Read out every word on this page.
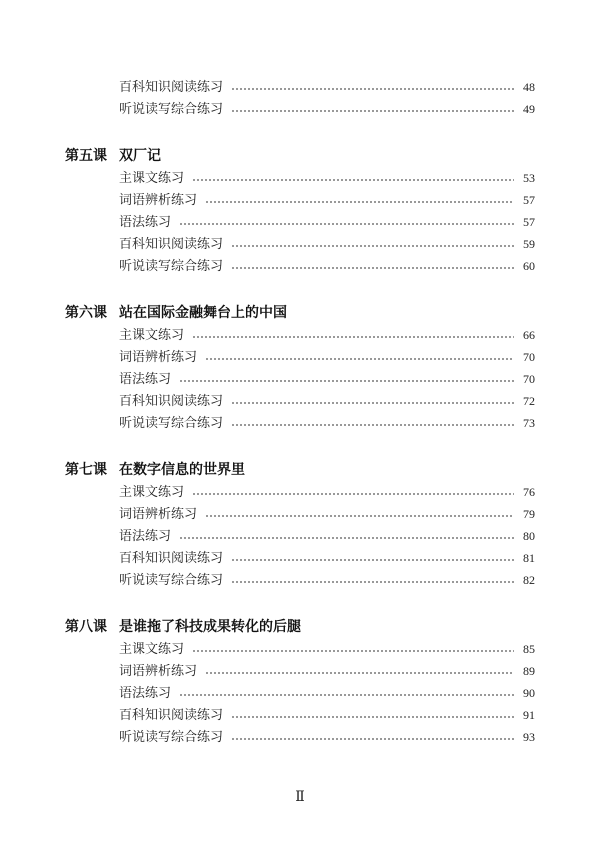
百科知识阅读练习	48
听说读写综合练习	49
第五课 双厂记
主课文练习	53
词语辨析练习	57
语法练习	57
百科知识阅读练习	59
听说读写综合练习	60
第六课 站在国际金融舞台上的中国
主课文练习	66
词语辨析练习	70
语法练习	70
百科知识阅读练习	72
听说读写综合练习	73
第七课 在数字信息的世界里
主课文练习	76
词语辨析练习	79
语法练习	80
百科知识阅读练习	81
听说读写综合练习	82
第八课 是谁拖了科技成果转化的后腿
主课文练习	85
词语辨析练习	89
语法练习	90
百科知识阅读练习	91
听说读写综合练习	93
Ⅱ
